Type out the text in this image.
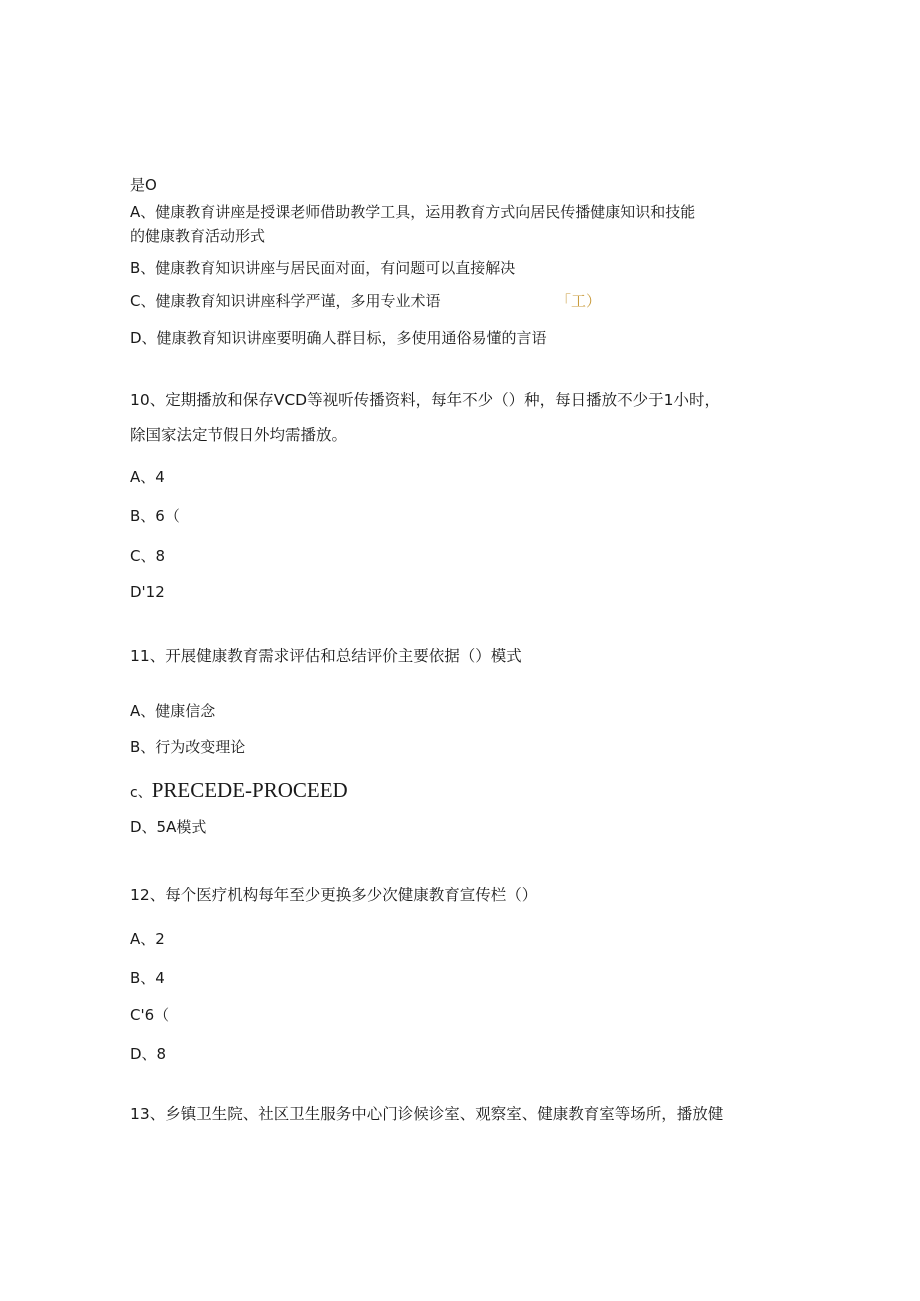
是O
A、健康教育讲座是授课老师借助教学工具，运用教育方式向居民传播健康知识和技能
的健康教育活动形式
B、健康教育知识讲座与居民面对面，有问题可以直接解决
C、健康教育知识讲座科学严谨，多用专业术语	「工）
D、健康教育知识讲座要明确人群目标，多使用通俗易懂的言语
10、定期播放和保存VCD等视听传播资料，每年不少（）种，每日播放不少于1小时，
除国家法定节假日外均需播放。
A、4
B、6（
C、8
D'12
11、开展健康教育需求评估和总结评价主要依据（）模式
A、健康信念
B、行为改变理论
c、PRECEDE-PROCEED
D、5A模式
12、每个医疗机构每年至少更换多少次健康教育宣传栏（）
A、2
B、4
C'6（
D、8
13、乡镇卫生院、社区卫生服务中心门诊候诊室、观察室、健康教育室等场所，播放健
